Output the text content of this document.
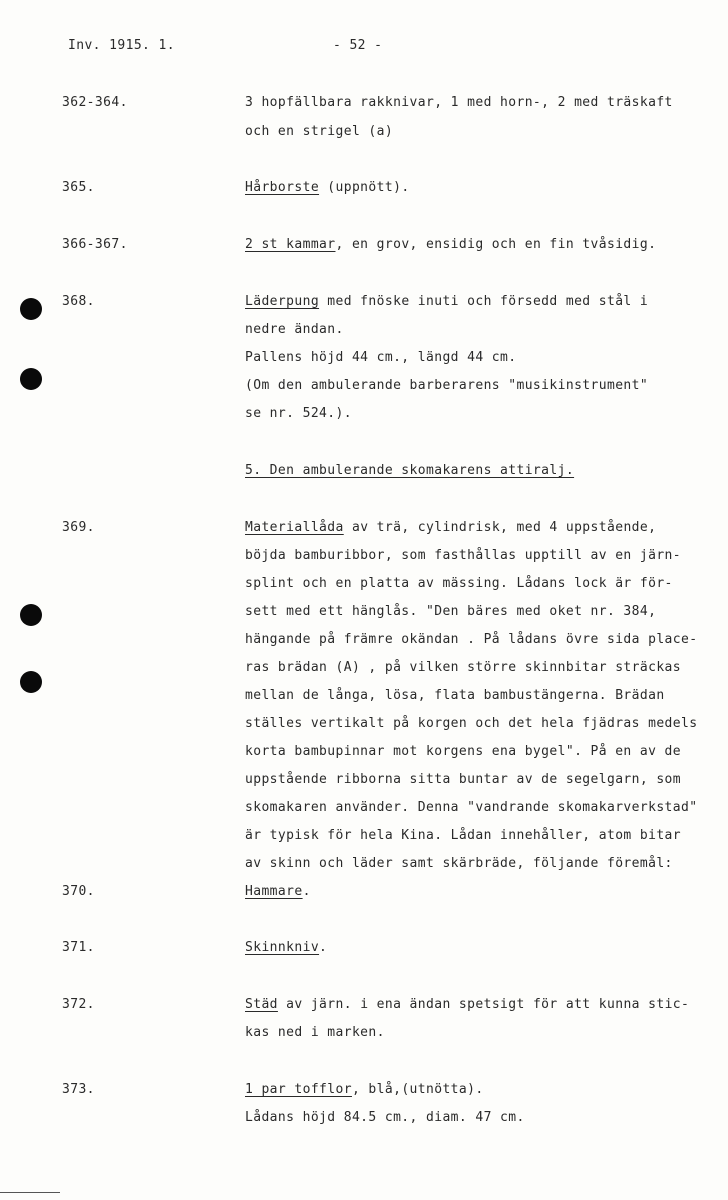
Inv. 1915. 1.	- 52 -
362-364.	3 hopfällbara rakknivar, 1 med horn-, 2 med träskaft
och en strigel (a)
365.	Hårborste (uppnött).
366-367.	2 st kammar, en grov, ensidig och en fin tvåsidig.
368.	Läderpung med fnöske inuti och försedd med stål i
nedre ändan.
Pallens höjd 44 cm., längd 44 cm.
(Om den ambulerande barberarens "musikinstrument"
se nr. 524.).
5. Den ambulerande skomakarens attiralj.
369.	Materiallåda av trä, cylindrisk, med 4 uppstående,
böjda bamburibbor, som fasthållas upptill av en järn-
splint och en platta av mässing. Lådans lock är för-
sett med ett hänglås. "Den bäres med oket nr. 384,
hängande på främre okändan . På lådans övre sida place-
ras brädan (A) , på vilken större skinnbitar sträckas
mellan de långa, lösa, flata bambustängerna. Brädan
ställes vertikalt på korgen och det hela fjädras medels
korta bambupinnar mot korgens ena bygel". På en av de
uppstående ribborna sitta buntar av de segelgarn, som
skomakaren använder. Denna "vandrande skomakarverkstad"
är typisk för hela Kina. Lådan innehåller, atom bitar
av skinn och läder samt skärbräde, följande föremål:
370.	Hammare.
371.	Skinnkniv.
372.	Städ av järn. i ena ändan spetsigt för att kunna stic-
kas ned i marken.
373.	1 par tofflor, blå,(utnötta).
Lådans höjd 84.5 cm., diam. 47 cm.
